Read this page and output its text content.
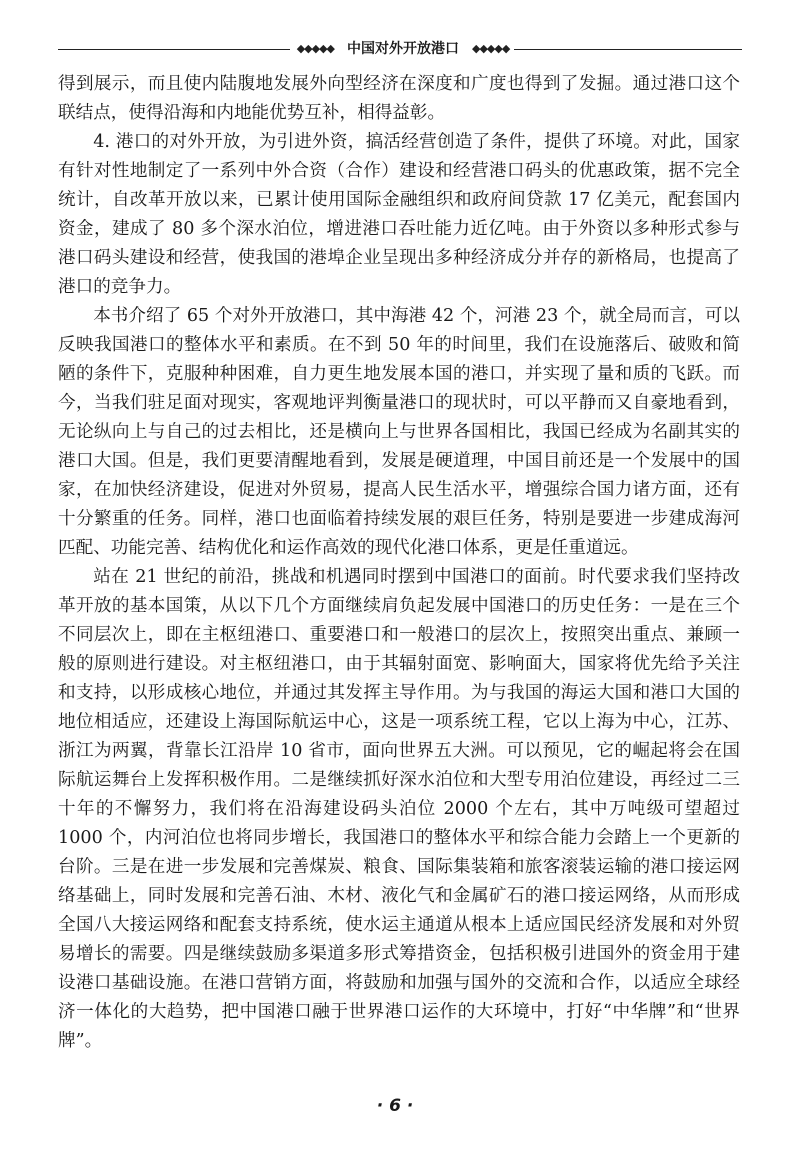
◆◆◆◆◆ 中国对外开放港口	◆◆◆◆◆

得到展示，而且使内陆腹地发展外向型经济在深度和广度也得到了发掘。通过港口这个联结点，使得沿海和内地能优势互补，相得益彰。

4. 港口的对外开放，为引进外资，搞活经营创造了条件，提供了环境。对此，国家有针对性地制定了一系列中外合资（合作）建设和经营港口码头的优惠政策，据不完全统计，自改革开放以来，已累计使用国际金融组织和政府间贷款 17 亿美元，配套国内资金，建成了 80 多个深水泊位，增进港口吞吐能力近亿吨。由于外资以多种形式参与港口码头建设和经营，使我国的港埠企业呈现出多种经济成分并存的新格局，也提高了港口的竞争力。

本书介绍了 65 个对外开放港口，其中海港 42 个，河港 23 个，就全局而言，可以反映我国港口的整体水平和素质。在不到 50 年的时间里，我们在设施落后、破败和简陋的条件下，克服种种困难，自力更生地发展本国的港口，并实现了量和质的飞跃。而今，当我们驻足面对现实，客观地评判衡量港口的现状时，可以平静而又自豪地看到，无论纵向上与自己的过去相比，还是横向上与世界各国相比，我国已经成为名副其实的港口大国。但是，我们更要清醒地看到，发展是硬道理，中国目前还是一个发展中的国家，在加快经济建设，促进对外贸易，提高人民生活水平，增强综合国力诸方面，还有十分繁重的任务。同样，港口也面临着持续发展的艰巨任务，特别是要进一步建成海河匹配、功能完善、结构优化和运作高效的现代化港口体系，更是任重道远。

站在 21 世纪的前沿，挑战和机遇同时摆到中国港口的面前。时代要求我们坚持改革开放的基本国策，从以下几个方面继续肩负起发展中国港口的历史任务：一是在三个不同层次上，即在主枢纽港口、重要港口和一般港口的层次上，按照突出重点、兼顾一般的原则进行建设。对主枢纽港口，由于其辐射面宽、影响面大，国家将优先给予关注和支持，以形成核心地位，并通过其发挥主导作用。为与我国的海运大国和港口大国的地位相适应，还建设上海国际航运中心，这是一项系统工程，它以上海为中心，江苏、浙江为两翼，背靠长江沿岸 10 省市，面向世界五大洲。可以预见，它的崛起将会在国际航运舞台上发挥积极作用。二是继续抓好深水泊位和大型专用泊位建设，再经过二三十年的不懈努力，我们将在沿海建设码头泊位 2000 个左右，其中万吨级可望超过 1000 个，内河泊位也将同步增长，我国港口的整体水平和综合能力会踏上一个更新的台阶。三是在进一步发展和完善煤炭、粮食、国际集装箱和旅客滚装运输的港口接运网络基础上，同时发展和完善石油、木材、液化气和金属矿石的港口接运网络，从而形成全国八大接运网络和配套支持系统，使水运主通道从根本上适应国民经济发展和对外贸易增长的需要。四是继续鼓励多渠道多形式筹措资金，包括积极引进国外的资金用于建设港口基础设施。在港口营销方面，将鼓励和加强与国外的交流和合作，以适应全球经济一体化的大趋势，把中国港口融于世界港口运作的大环境中，打好“中华牌”和“世界牌”。

· 6 ·
